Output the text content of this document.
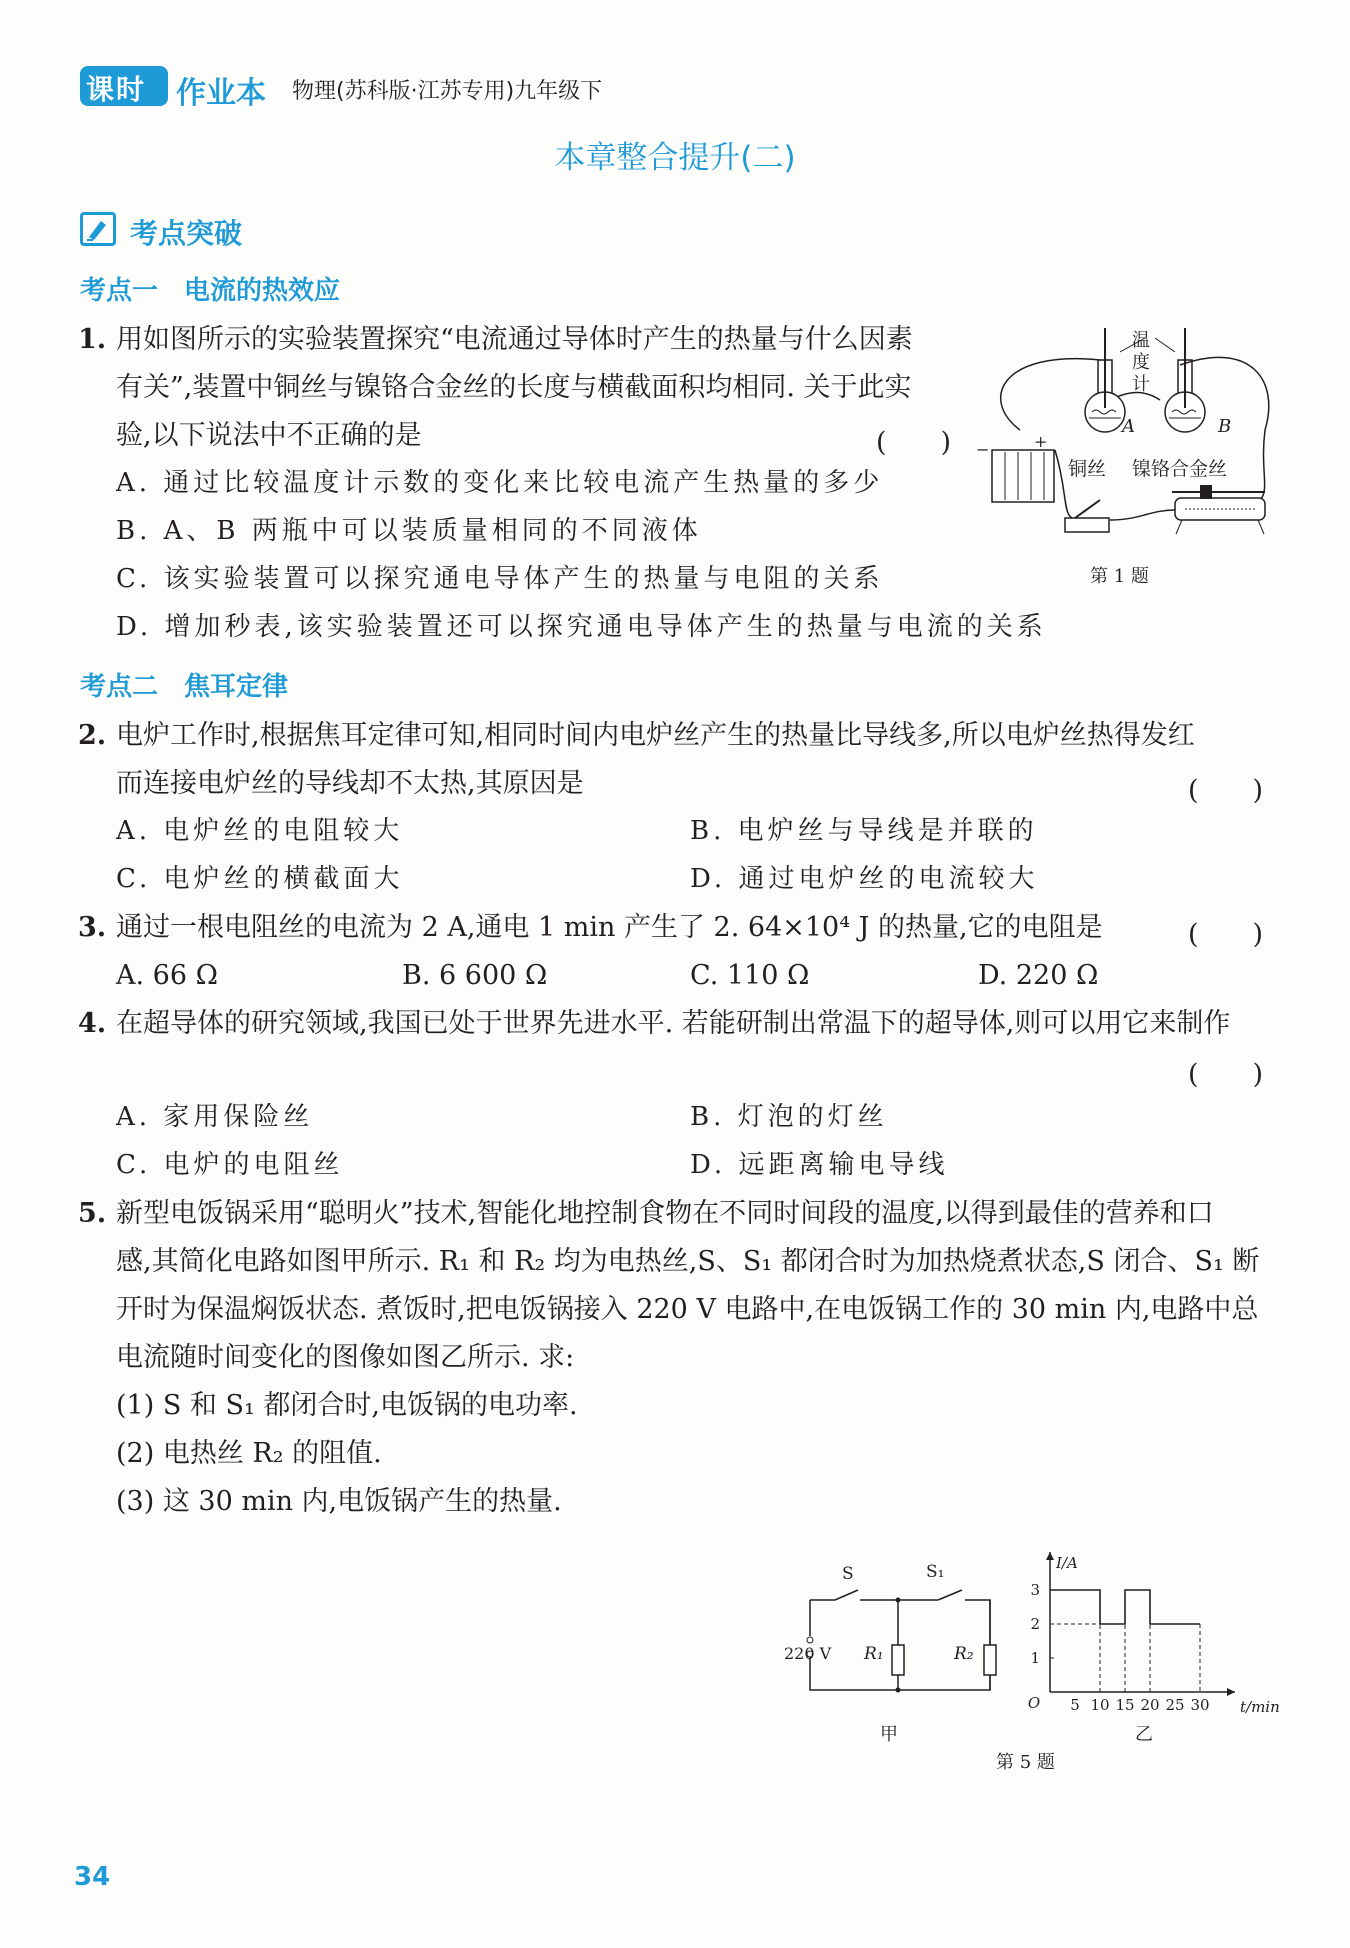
课时 作业本 物理(苏科版·江苏专用)九年级下
本章整合提升(二)
考点突破
考点一　电流的热效应
1. 用如图所示的实验装置探究“电流通过导体时产生的热量与什么因素
有关”,装置中铜丝与镍铬合金丝的长度与横截面积均相同. 关于此实
验,以下说法中不正确的是	(　　)
A. 通过比较温度计示数的变化来比较电流产生热量的多少
B. A、B 两瓶中可以装质量相同的不同液体
C. 该实验装置可以探究通电导体产生的热量与电阻的关系
D. 增加秒表,该实验装置还可以探究通电导体产生的热量与电流的关系
温
度
计
A	B
−	+
铜丝 镍铬合金丝
第 1 题
考点二　焦耳定律
2. 电炉工作时,根据焦耳定律可知,相同时间内电炉丝产生的热量比导线多,所以电炉丝热得发红
而连接电炉丝的导线却不太热,其原因是	(　　)
A. 电炉丝的电阻较大	B. 电炉丝与导线是并联的
C. 电炉丝的横截面大	D. 通过电炉丝的电流较大
3. 通过一根电阻丝的电流为 2 A,通电 1 min 产生了 2. 64×10⁴ J 的热量,它的电阻是	(　　)
A. 66 Ω	B. 6 600 Ω	C. 110 Ω	D. 220 Ω
4. 在超导体的研究领域,我国已处于世界先进水平. 若能研制出常温下的超导体,则可以用它来制作
(　　)
A. 家用保险丝	B. 灯泡的灯丝
C. 电炉的电阻丝	D. 远距离输电导线
5. 新型电饭锅采用“聪明火”技术,智能化地控制食物在不同时间段的温度,以得到最佳的营养和口
感,其简化电路如图甲所示. R₁ 和 R₂ 均为电热丝,S、S₁ 都闭合时为加热烧煮状态,S 闭合、S₁ 断
开时为保温焖饭状态. 煮饭时,把电饭锅接入 220 V 电路中,在电饭锅工作的 30 min 内,电路中总
电流随时间变化的图像如图乙所示. 求:
(1) S 和 S₁ 都闭合时,电饭锅的电功率.
(2) 电热丝 R₂ 的阻值.
(3) 这 30 min 内,电饭锅产生的热量.
S	S₁
220 V R₁	R₂
甲
5 10 15 20 25 30
1
2
3
O
I/A
t/min
乙
第 5 题
34
